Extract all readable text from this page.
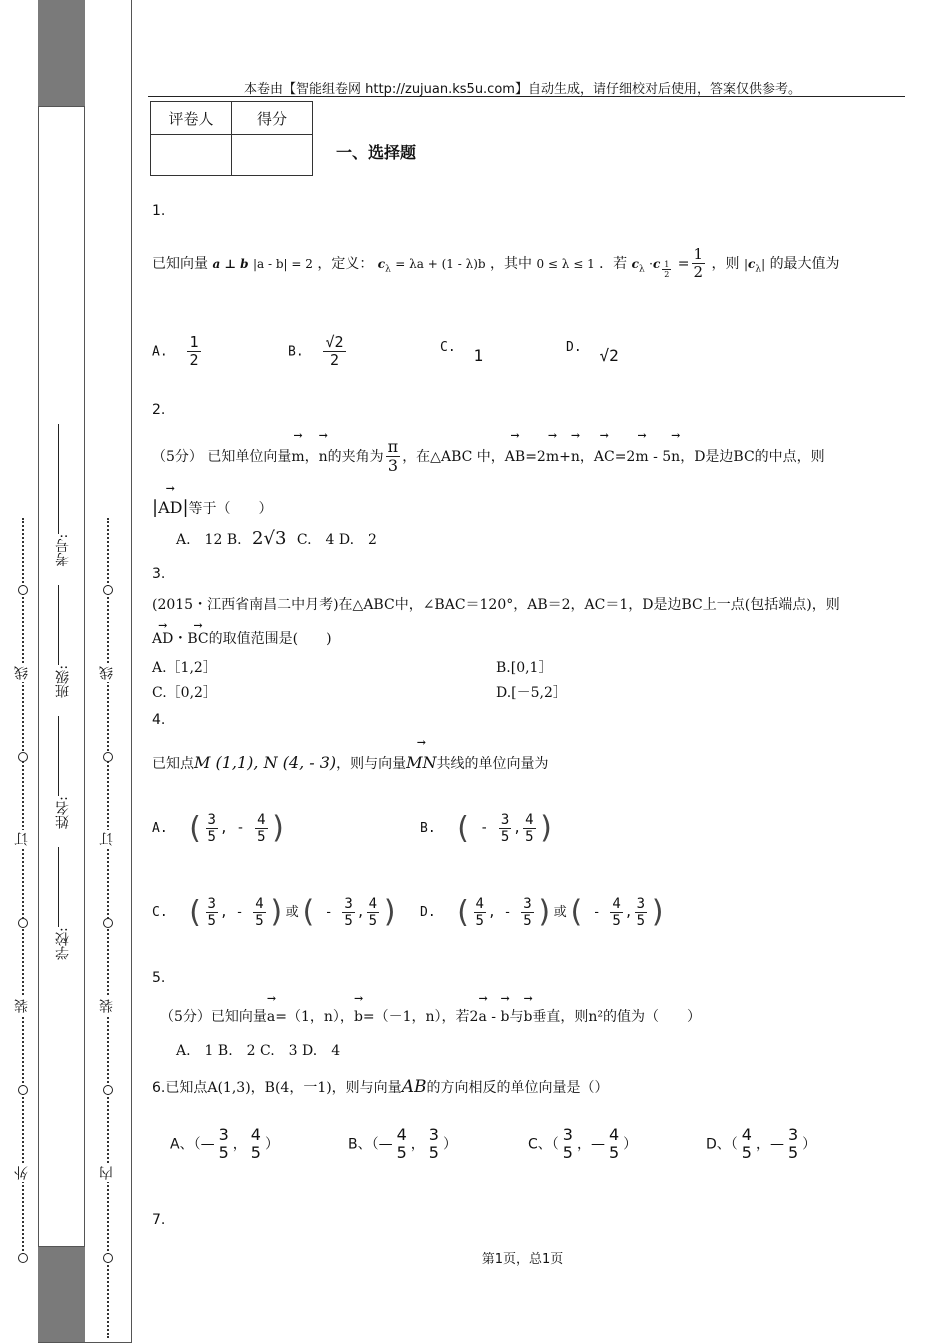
线
订
装
外
线
订
装
内
学校: 姓名: 班级: 考号:
本卷由【智能组卷网 http://zujuan.ks5u.com】自动生成，请仔细校对后使用，答案仅供参考。
评卷人	得分

一、选择题
1.
已知向量 a ⊥ b |a - b| = 2 ，定义： $c_\lambda = \lambda a + (1 - \lambda)b$ ，其中 0 ≤ λ ≤ 1 ．若 $c_\lambda \cdot c$ $_{\frac{1}{2}} = \frac{1}{2}$ ，则 $|c_\lambda|$ 的最大值为
A. $\frac{1}{2}$	B. $\frac{√2}{2}$	C. 1	D. √2
2.
（5分） 已知单位向量→ m，→ n的夹角为 $\frac{\pi}{3}$ ，在△ABC 中，→ AB=2→ m+→ n，→ AC=2→ m - 5→ n，D是边BC的中点，则
|→ AD|等于（　　）
A.　12 B. 2√3 C.　4 D.　2
3.
(2015・江西省南昌二中月考)在△ABC中，∠BAC＝120°，AB＝2，AC＝1，D是边BC上一点(包括端点)，则
→ AD・→ BC的取值范围是(　　)
A.［1,2］	B.[0,1］
C.［0,2］	D.[－5,2］
4.
已知点M (1,1), N (4, - 3)，则与向量→ MN共线的单位向量为
A. ( $\frac{3}{5}$ , - $\frac{4}{5}$ )	B. ( - $\frac{3}{5}$ , $\frac{4}{5}$ )
C. ( $\frac{3}{5}$ , - $\frac{4}{5}$ )或( - $\frac{3}{5}$ , $\frac{4}{5}$ ) D. ( $\frac{4}{5}$ , - $\frac{3}{5}$ )或( - $\frac{4}{5}$ , $\frac{3}{5}$ )
5.
（5分）已知向量→ a=（1，n），→ b=（－1，n），若2→ a - → b与→ b垂直，则n²的值为（　　）
A.　1 B.　2 C.　3 D.　4
6.已知点A(1,3)，B(4，一1)，则与向量AB的方向相反的单位向量是（）
A、（—
3
5 ，
4
5 ）	B、（—
4
5 ，
3
5 ）	C、（
3
5 ，—
4
5 ）	D、（
4
5 ，—
3
5 ）
7.
第1页，总1页
